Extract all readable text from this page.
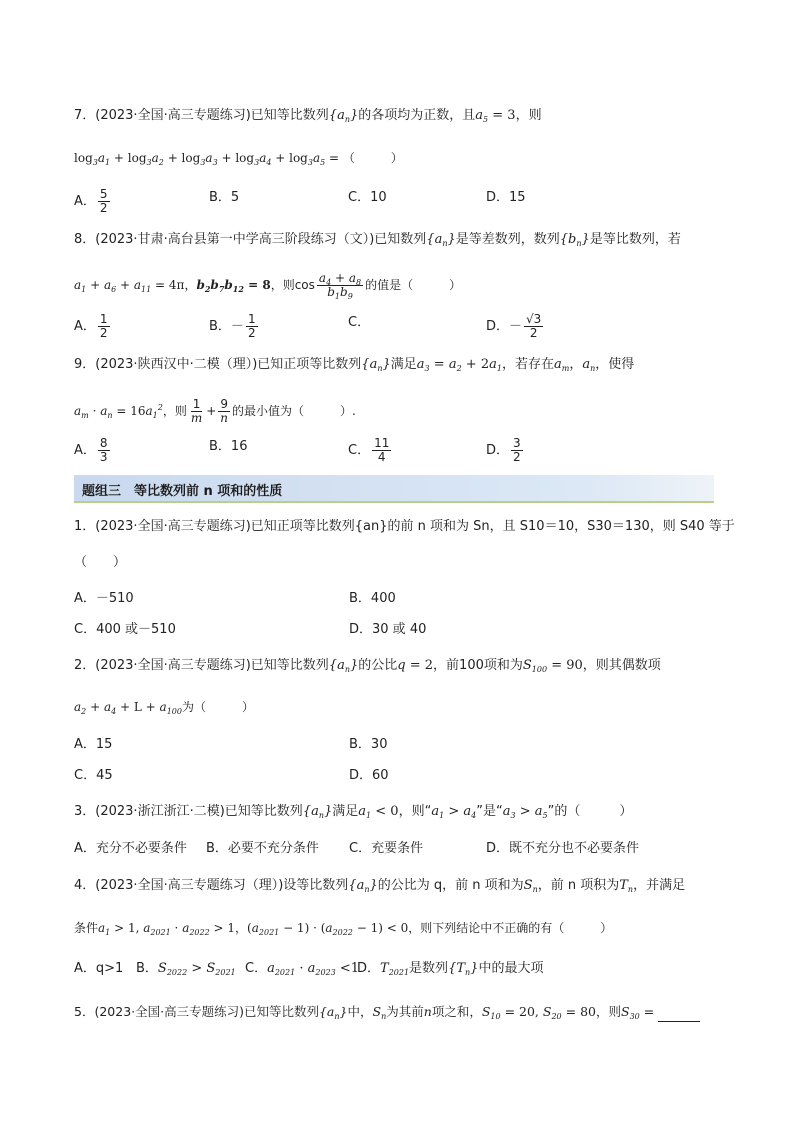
7．(2023·全国·高三专题练习)已知等比数列$\{a_n\}$的各项均为正数，且$a_5 = 3$，则
$\log_3a_1 + \log_3a_2 + \log_3a_3 + \log_3a_4 + \log_3a_5$ = （　　　）
A． $\frac{5}{2}$	B．5	C．10	D．15
8．(2023·甘肃·高台县第一中学高三阶段练习（文）)已知数列$\{a_n\}$是等差数列，数列$\{b_n\}$是等比数列，若
$a_1 + a_6 + a_{11} = 4\pi$，$b_2b_7b_{12} = 8$，则$\cos \frac{a_4 + a_8}{b_1b_9}$ 的值是（　　　）
A． $\frac{1}{2}$	B．－ $\frac{1}{2}$	C．	D．－ $\frac{√3}{2}$
9．(2023·陕西汉中·二模（理）)已知正项等比数列$\{a_n\}$满足$a_3 = a_2 + 2a_1$，若存在$a_m$，$a_n$，使得
$a_m \cdot a_n = 16a_1^2$，则 $\frac{1}{m} + \frac{9}{n}$ 的最小值为（　　　）.
A． $\frac{8}{3}$	B．16	C． $\frac{11}{4}$	D． $\frac{3}{2}$
题组三　等比数列前 n 项和的性质
1．(2023·全国·高三专题练习)已知正项等比数列{an}的前 n 项和为 Sn，且 S10＝10，S30＝130，则 S40 等于
（　　）
A．－510	B．400
C．400 或－510	D．30 或 40
2．(2023·全国·高三专题练习)已知等比数列$\{a_n\}$的公比q = 2，前100项和为$S_{100} = 90$，则其偶数项
$a_2 + a_4 + L + a_{100}$为（　　　）
A．15	B．30
C．45	D．60
3．(2023·浙江浙江·二模)已知等比数列$\{a_n\}$满足$a_1 < 0$，则“$a_1 > a_4$”是“$a_3 > a_5$”的（　　　）
A．充分不必要条件 B．必要不充分条件 C．充要条件	D．既不充分也不必要条件
4．(2023·全国·高三专题练习（理）)设等比数列$\{a_n\}$的公比为 q，前 n 项和为$S_n$，前 n 项积为$T_n$，并满足
条件$a_1 > 1$, $a_{2021} \cdot a_{2022} > 1$，$(a_{2021} - 1) \cdot (a_{2022} - 1) < 0$，则下列结论中不正确的有（　　　）
A．q>1 B．$S_{2022} > S_{2021}$ C．$a_{2021} \cdot a_{2023} <1$
D．$T_{2021}$是数列$\{T_n\}$中的最大项
5．(2023·全国·高三专题练习)已知等比数列$\{a_n\}$中，$S_n$为其前n项之和，$S_{10} = 20$, $S_{20} = 80$，则$S_{30}$ =
